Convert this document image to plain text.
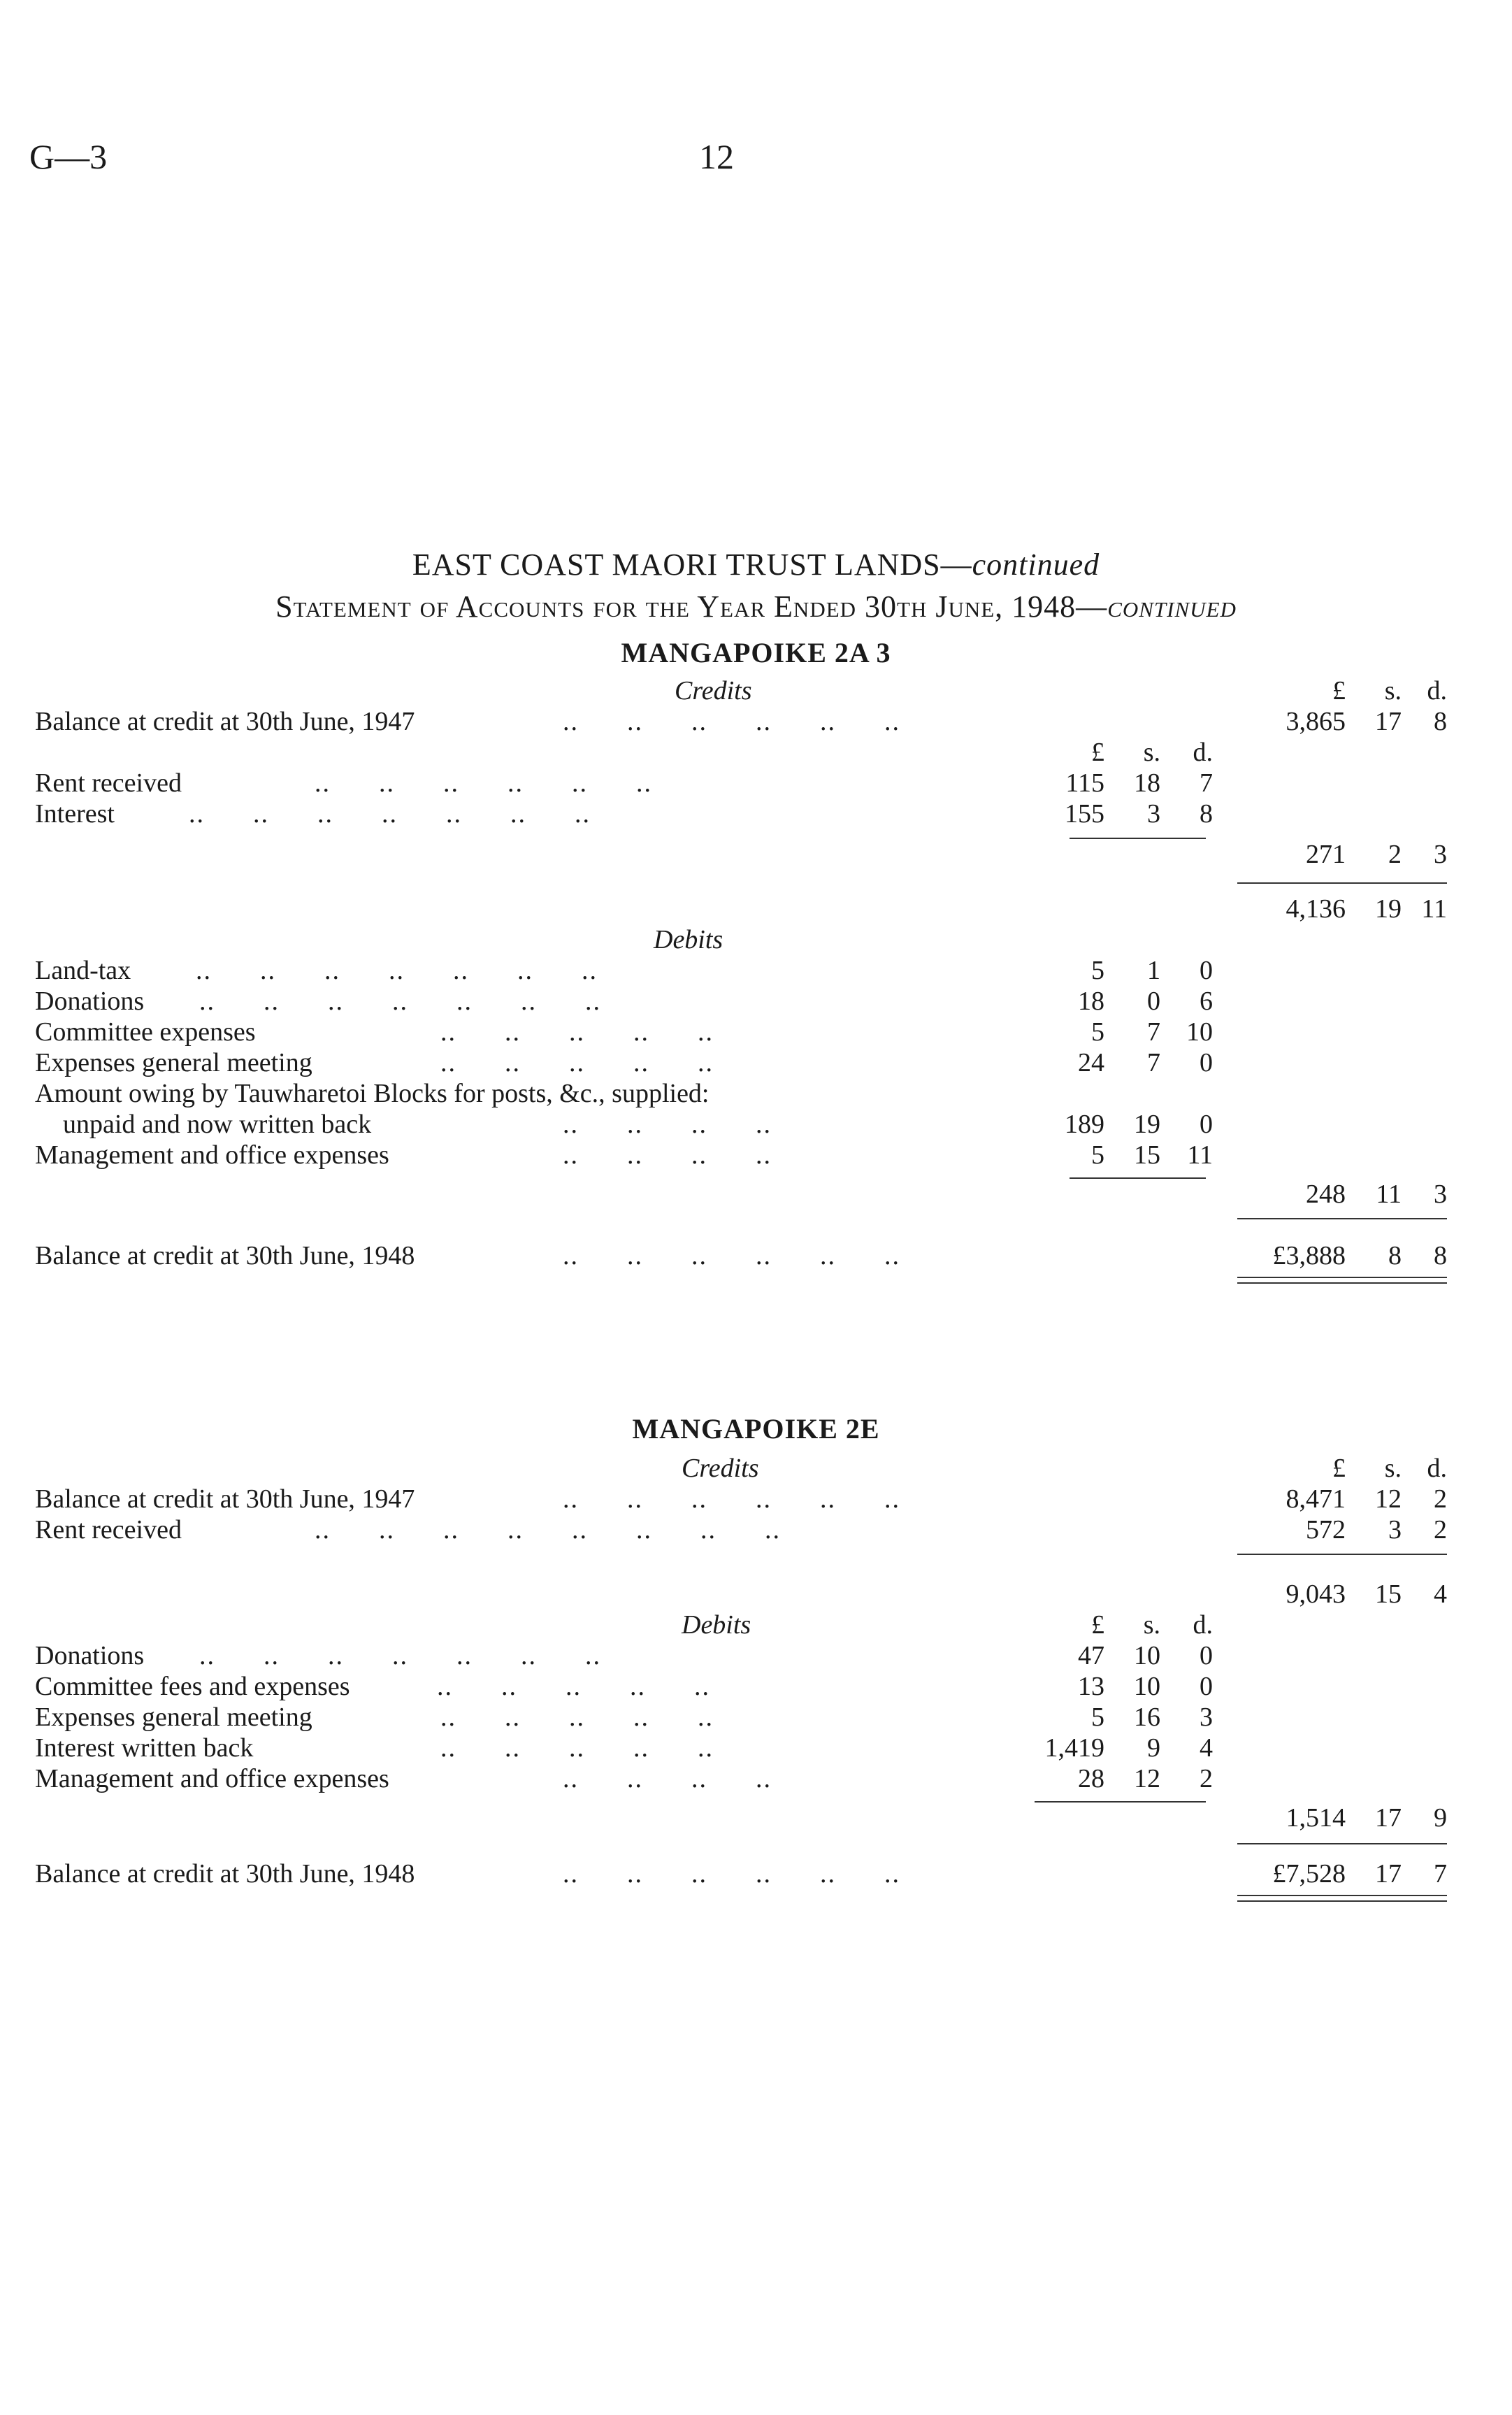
G—3	12
EAST COAST MAORI TRUST LANDS—continued
Statement of Accounts for the Year Ended 30th June, 1948—continued
MANGAPOIKE 2A 3
Credits	£	s. d.
Balance at credit at 30th June, 1947	..      ..      ..      ..      ..      ..	3,865	17	8
£	s.	d.
Rent received	..      ..      ..      ..      ..      ..	115	18	7
Interest	..      ..      ..      ..      ..      ..      ..	155	3	8
271	2	3
4,136	19 11
Debits
Land-tax ..      ..      ..      ..      ..      ..      ..	5	1	0
Donations ..      ..      ..      ..      ..      ..      ..	18	0	6
Committee expenses	..      ..      ..      ..      ..	5	7 10
Expenses general meeting	..      ..      ..      ..      ..	24	7	0
Amount owing by Tauwharetoi Blocks for posts, &c., supplied:
unpaid and now written back	..      ..      ..      ..	189	19	0
Management and office expenses	..      ..      ..      ..	5	15	11
248	11	3
Balance at credit at 30th June, 1948	..      ..      ..      ..      ..      ..	£3,888	8	8
MANGAPOIKE 2E
Credits	£	s. d.
Balance at credit at 30th June, 1947	..      ..      ..      ..      ..      ..	8,471	12	2
Rent received	..      ..      ..      ..      ..      ..      ..      ..	572	3	2
9,043	15	4
Debits	£	s.	d.
Donations ..      ..      ..      ..      ..      ..      ..	47	10	0
Committee fees and expenses	..      ..      ..      ..      ..	13	10	0
Expenses general meeting	..      ..      ..      ..      ..	5	16	3
Interest written back	..      ..      ..      ..      ..	1,419	9	4
Management and office expenses	..      ..      ..      ..	28	12	2
1,514	17	9
Balance at credit at 30th June, 1948	..      ..      ..      ..      ..      ..	£7,528	17	7
